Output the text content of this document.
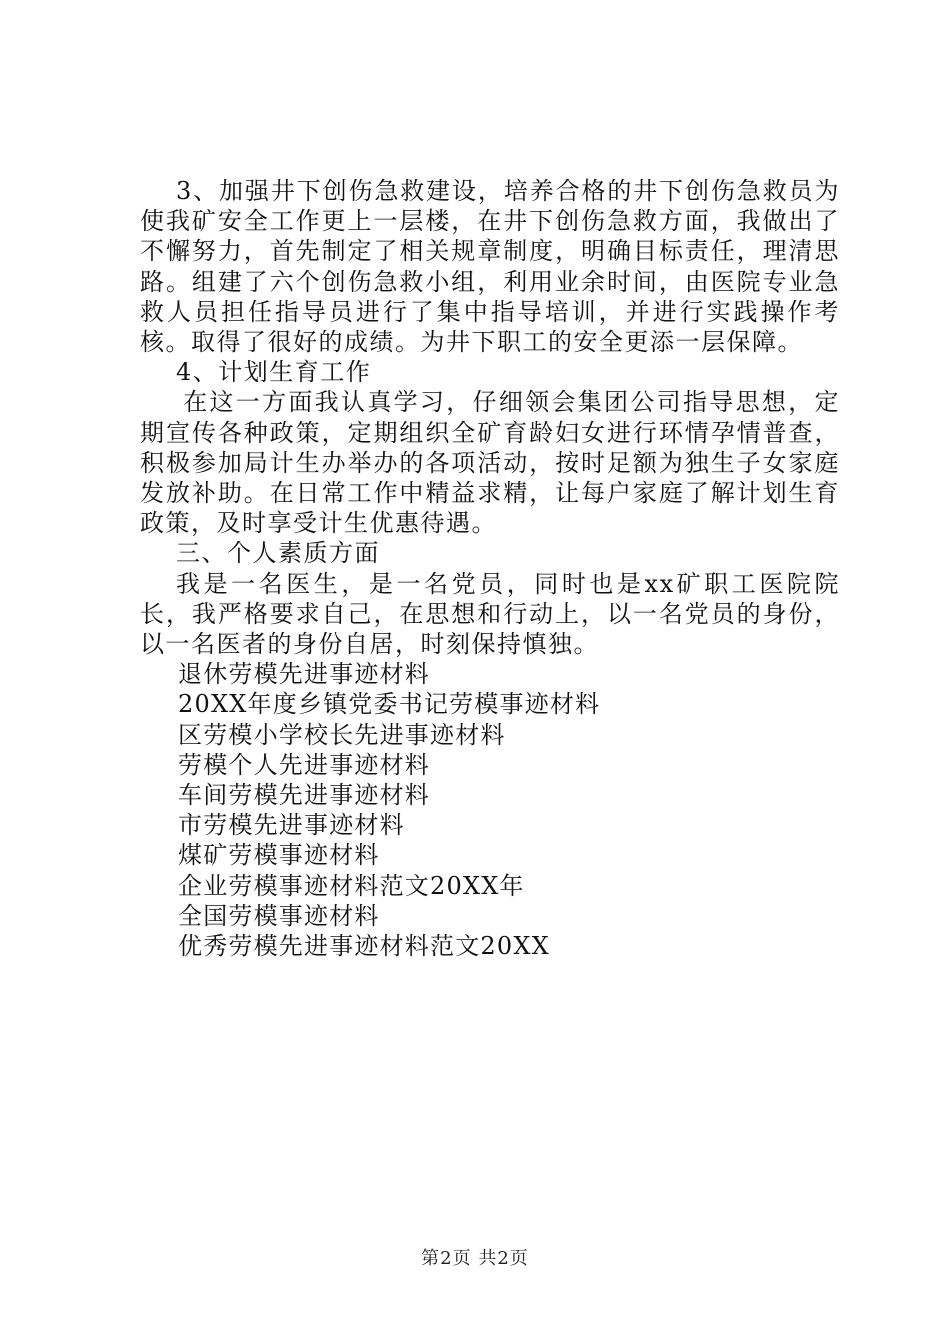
3、加强井下创伤急救建设，培养合格的井下创伤急救员为使我矿安全工作更上一层楼，在井下创伤急救方面，我做出了不懈努力，首先制定了相关规章制度，明确目标责任，理清思路。组建了六个创伤急救小组，利用业余时间，由医院专业急救人员担任指导员进行了集中指导培训，并进行实践操作考核。取得了很好的成绩。为井下职工的安全更添一层保障。

4、计划生育工作

在这一方面我认真学习，仔细领会集团公司指导思想，定期宣传各种政策，定期组织全矿育龄妇女进行环情孕情普查，积极参加局计生办举办的各项活动，按时足额为独生子女家庭发放补助。在日常工作中精益求精，让每户家庭了解计划生育政策，及时享受计生优惠待遇。

三、个人素质方面

我是一名医生，是一名党员，同时也是xx矿职工医院院长，我严格要求自己，在思想和行动上，以一名党员的身份，以一名医者的身份自居，时刻保持慎独。

退休劳模先进事迹材料

20XX年度乡镇党委书记劳模事迹材料

区劳模小学校长先进事迹材料

劳模个人先进事迹材料

车间劳模先进事迹材料

市劳模先进事迹材料

煤矿劳模事迹材料

企业劳模事迹材料范文20XX年

全国劳模事迹材料

优秀劳模先进事迹材料范文20XX

第2页 共2页
